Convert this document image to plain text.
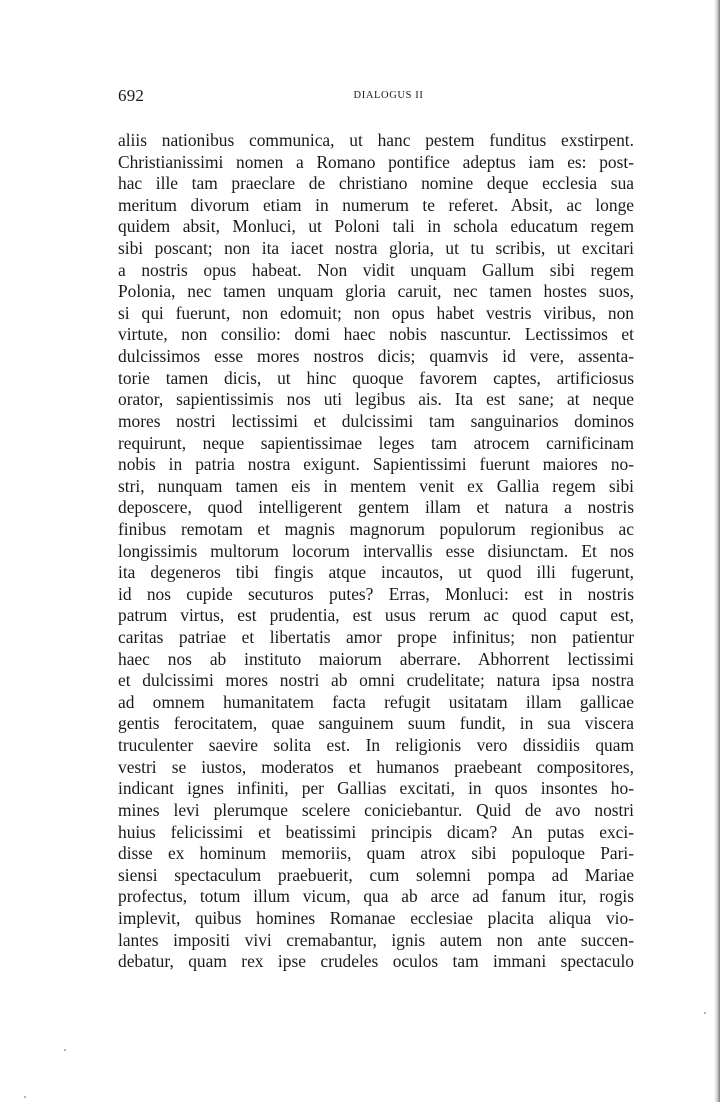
692	DIALOGUS II
aliis nationibus communica, ut hanc pestem funditus exstirpent.
Christianissimi nomen a Romano pontifice adeptus iam es: post-
hac ille tam praeclare de christiano nomine deque ecclesia sua
meritum divorum etiam in numerum te referet. Absit, ac longe
quidem absit, Monluci, ut Poloni tali in schola educatum regem
sibi poscant; non ita iacet nostra gloria, ut tu scribis, ut excitari
a nostris opus habeat. Non vidit unquam Gallum sibi regem
Polonia, nec tamen unquam gloria caruit, nec tamen hostes suos,
si qui fuerunt, non edomuit; non opus habet vestris viribus, non
virtute, non consilio: domi haec nobis nascuntur. Lectissimos et
dulcissimos esse mores nostros dicis; quamvis id vere, assenta-
torie tamen dicis, ut hinc quoque favorem captes, artificiosus
orator, sapientissimis nos uti legibus ais. Ita est sane; at neque
mores nostri lectissimi et dulcissimi tam sanguinarios dominos
requirunt, neque sapientissimae leges tam atrocem carnificinam
nobis in patria nostra exigunt. Sapientissimi fuerunt maiores no-
stri, nunquam tamen eis in mentem venit ex Gallia regem sibi
deposcere, quod intelligerent gentem illam et natura a nostris
finibus remotam et magnis magnorum populorum regionibus ac
longissimis multorum locorum intervallis esse disiunctam. Et nos
ita degeneros tibi fingis atque incautos, ut quod illi fugerunt,
id nos cupide secuturos putes? Erras, Monluci: est in nostris
patrum virtus, est prudentia, est usus rerum ac quod caput est,
caritas patriae et libertatis amor prope infinitus; non patientur
haec nos ab instituto maiorum aberrare. Abhorrent lectissimi
et dulcissimi mores nostri ab omni crudelitate; natura ipsa nostra
ad omnem humanitatem facta refugit usitatam illam gallicae
gentis ferocitatem, quae sanguinem suum fundit, in sua viscera
truculenter saevire solita est. In religionis vero dissidiis quam
vestri se iustos, moderatos et humanos praebeant compositores,
indicant ignes infiniti, per Gallias excitati, in quos insontes ho-
mines levi plerumque scelere coniciebantur. Quid de avo nostri
huius felicissimi et beatissimi principis dicam? An putas exci-
disse ex hominum memoriis, quam atrox sibi populoque Pari-
siensi spectaculum praebuerit, cum solemni pompa ad Mariae
profectus, totum illum vicum, qua ab arce ad fanum itur, rogis
implevit, quibus homines Romanae ecclesiae placita aliqua vio-
lantes impositi vivi cremabantur, ignis autem non ante succen-
debatur, quam rex ipse crudeles oculos tam immani spectaculo
